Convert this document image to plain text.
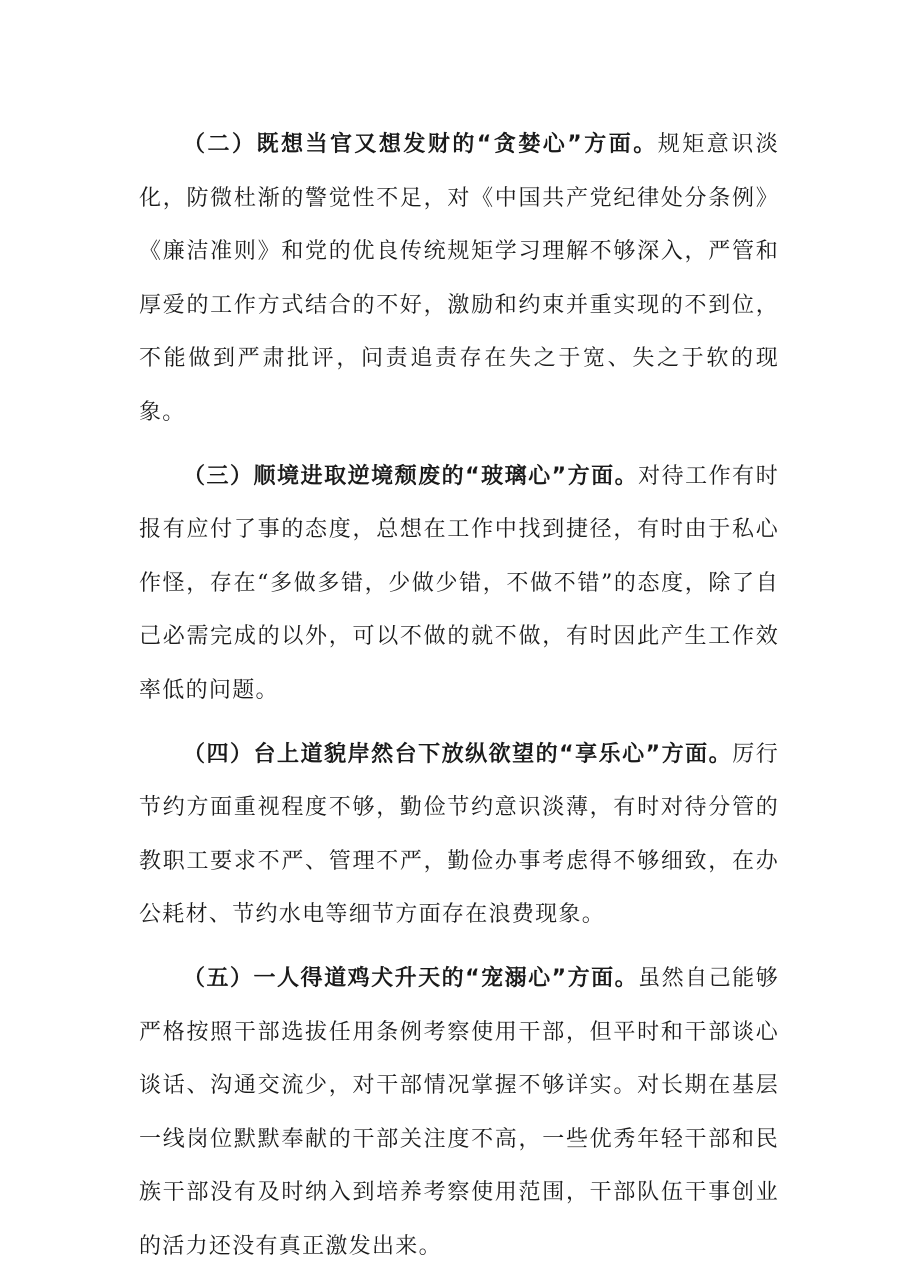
（二）既想当官又想发财的“贪婪心”方面。规矩意识淡化，防微杜渐的警觉性不足，对《中国共产党纪律处分条例》《廉洁准则》和党的优良传统规矩学习理解不够深入，严管和厚爱的工作方式结合的不好，激励和约束并重实现的不到位，不能做到严肃批评，问责追责存在失之于宽、失之于软的现象。

（三）顺境进取逆境颓废的“玻璃心”方面。对待工作有时报有应付了事的态度，总想在工作中找到捷径，有时由于私心作怪，存在“多做多错，少做少错，不做不错”的态度，除了自己必需完成的以外，可以不做的就不做，有时因此产生工作效率低的问题。

（四）台上道貌岸然台下放纵欲望的“享乐心”方面。厉行节约方面重视程度不够，勤俭节约意识淡薄，有时对待分管的教职工要求不严、管理不严，勤俭办事考虑得不够细致，在办公耗材、节约水电等细节方面存在浪费现象。

（五）一人得道鸡犬升天的“宠溺心”方面。虽然自己能够严格按照干部选拔任用条例考察使用干部，但平时和干部谈心谈话、沟通交流少，对干部情况掌握不够详实。对长期在基层一线岗位默默奉献的干部关注度不高，一些优秀年轻干部和民族干部没有及时纳入到培养考察使用范围，干部队伍干事创业的活力还没有真正激发出来。
